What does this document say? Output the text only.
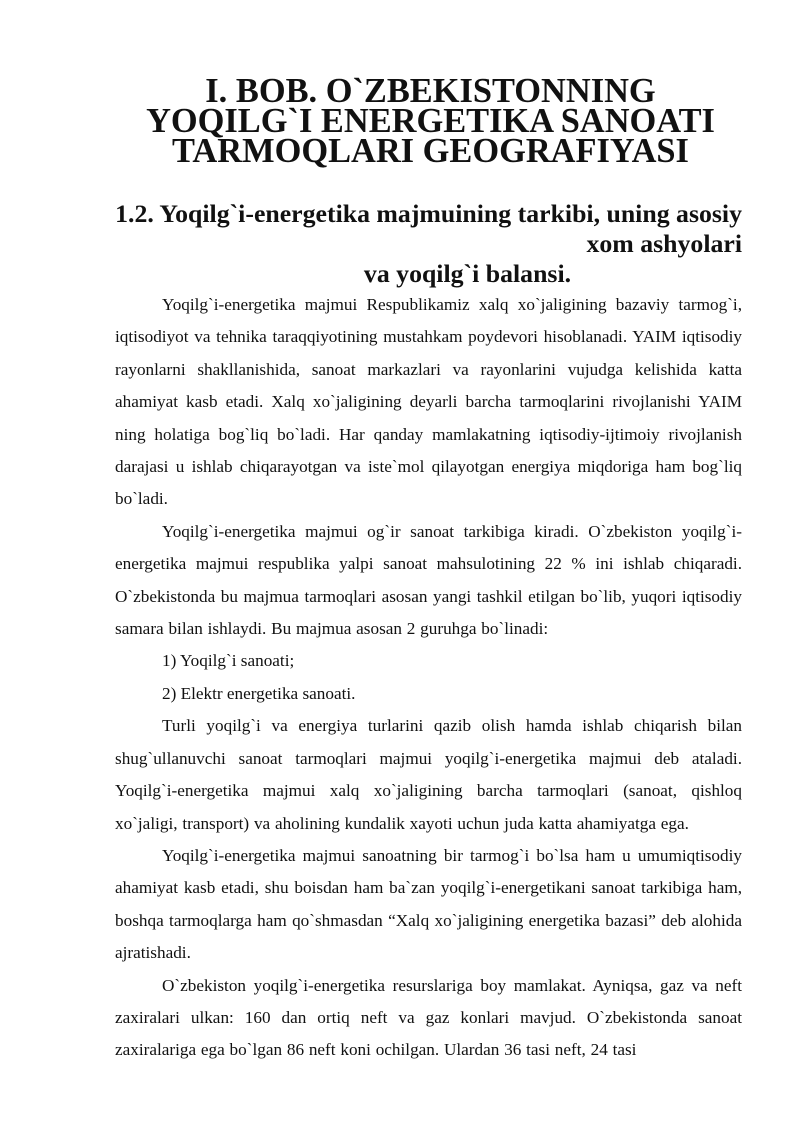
I. BOB. O`ZBEKISTONNING YOQILG`I ENERGETIKA SANOATI
TARMOQLARI GEOGRAFIYASI
1.2. Yoqilg`i-energetika majmuining tarkibi, uning asosiy xom ashyolari
va yoqilg`i balansi.

Yoqilg`i-energetika majmui Respublikamiz xalq xo`jaligining bazaviy tarmog`i, iqtisodiyot va tehnika taraqqiyotining mustahkam poydevori hisoblanadi. YAIM iqtisodiy rayonlarni shakllanishida, sanoat markazlari va rayonlarini vujudga kelishida katta ahamiyat kasb etadi. Xalq xo`jaligining deyarli barcha tarmoqlarini rivojlanishi YAIM ning holatiga bog`liq bo`ladi. Har qanday mamlakatning iqtisodiy-ijtimoiy rivojlanish darajasi u ishlab chiqarayotgan va iste`mol qilayotgan energiya miqdoriga ham bog`liq bo`ladi.

Yoqilg`i-energetika majmui og`ir sanoat tarkibiga kiradi. O`zbekiston yoqilg`i-energetika majmui respublika yalpi sanoat mahsulotining 22 % ini ishlab chiqaradi. O`zbekistonda bu majmua tarmoqlari asosan yangi tashkil etilgan bo`lib, yuqori iqtisodiy samara bilan ishlaydi. Bu majmua asosan 2 guruhga bo`linadi:

1) Yoqilg`i sanoati;

2) Elektr energetika sanoati.

Turli yoqilg`i va energiya turlarini qazib olish hamda ishlab chiqarish bilan shug`ullanuvchi sanoat tarmoqlari majmui yoqilg`i-energetika majmui deb ataladi. Yoqilg`i-energetika majmui xalq xo`jaligining barcha tarmoqlari (sanoat, qishloq xo`jaligi, transport) va aholining kundalik xayoti uchun juda katta ahamiyatga ega.

Yoqilg`i-energetika majmui sanoatning bir tarmog`i bo`lsa ham u umumiqtisodiy ahamiyat kasb etadi, shu boisdan ham ba`zan yoqilg`i-energetikani sanoat tarkibiga ham, boshqa tarmoqlarga ham qo`shmasdan “Xalq xo`jaligining energetika bazasi” deb alohida ajratishadi.

O`zbekiston yoqilg`i-energetika resurslariga boy mamlakat. Ayniqsa, gaz va neft zaxiralari ulkan: 160 dan ortiq neft va gaz konlari mavjud. O`zbekistonda sanoat zaxiralariga ega bo`lgan 86 neft koni ochilgan. Ulardan 36 tasi neft, 24 tasi
